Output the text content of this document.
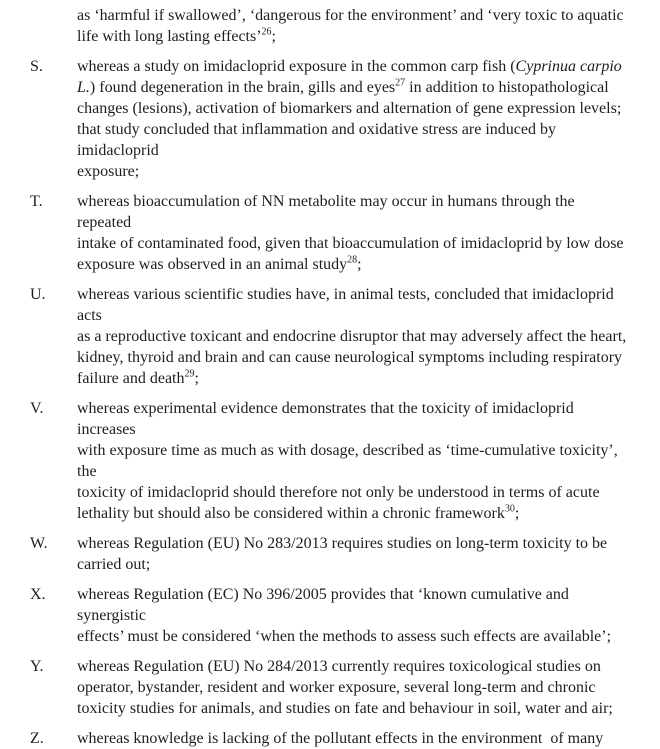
as ‘harmful if swallowed’, ‘dangerous for the environment’ and ‘very toxic to aquatic
life with long lasting effects’$^{26}$;
S.	whereas a study on imidacloprid exposure in the common carp fish (Cyprinua carpio
L.) found degeneration in the brain, gills and eyes$^{27}$ in addition to histopathological
changes (lesions), activation of biomarkers and alternation of gene expression levels;
that study concluded that inflammation and oxidative stress are induced by imidacloprid
exposure;
T.	whereas bioaccumulation of NN metabolite may occur in humans through the repeated
intake of contaminated food, given that bioaccumulation of imidacloprid by low dose
exposure was observed in an animal study$^{28}$;
U.	whereas various scientific studies have, in animal tests, concluded that imidacloprid acts
as a reproductive toxicant and endocrine disruptor that may adversely affect the heart,
kidney, thyroid and brain and can cause neurological symptoms including respiratory
failure and death$^{29}$;
V.	whereas experimental evidence demonstrates that the toxicity of imidacloprid increases
with exposure time as much as with dosage, described as ‘time-cumulative toxicity’, the
toxicity of imidacloprid should therefore not only be understood in terms of acute
lethality but should also be considered within a chronic framework$^{30}$;
W.	whereas Regulation (EU) No 283/2013 requires studies on long-term toxicity to be
carried out;
X.	whereas Regulation (EC) No 396/2005 provides that ‘known cumulative and synergistic
effects’ must be considered ‘when the methods to assess such effects are available’;
Y.	whereas Regulation (EU) No 284/2013 currently requires toxicological studies on
operator, bystander, resident and worker exposure, several long-term and chronic
toxicity studies for animals, and studies on fate and behaviour in soil, water and air;
Z.	whereas knowledge is lacking of the pollutant effects in the environment  of many
